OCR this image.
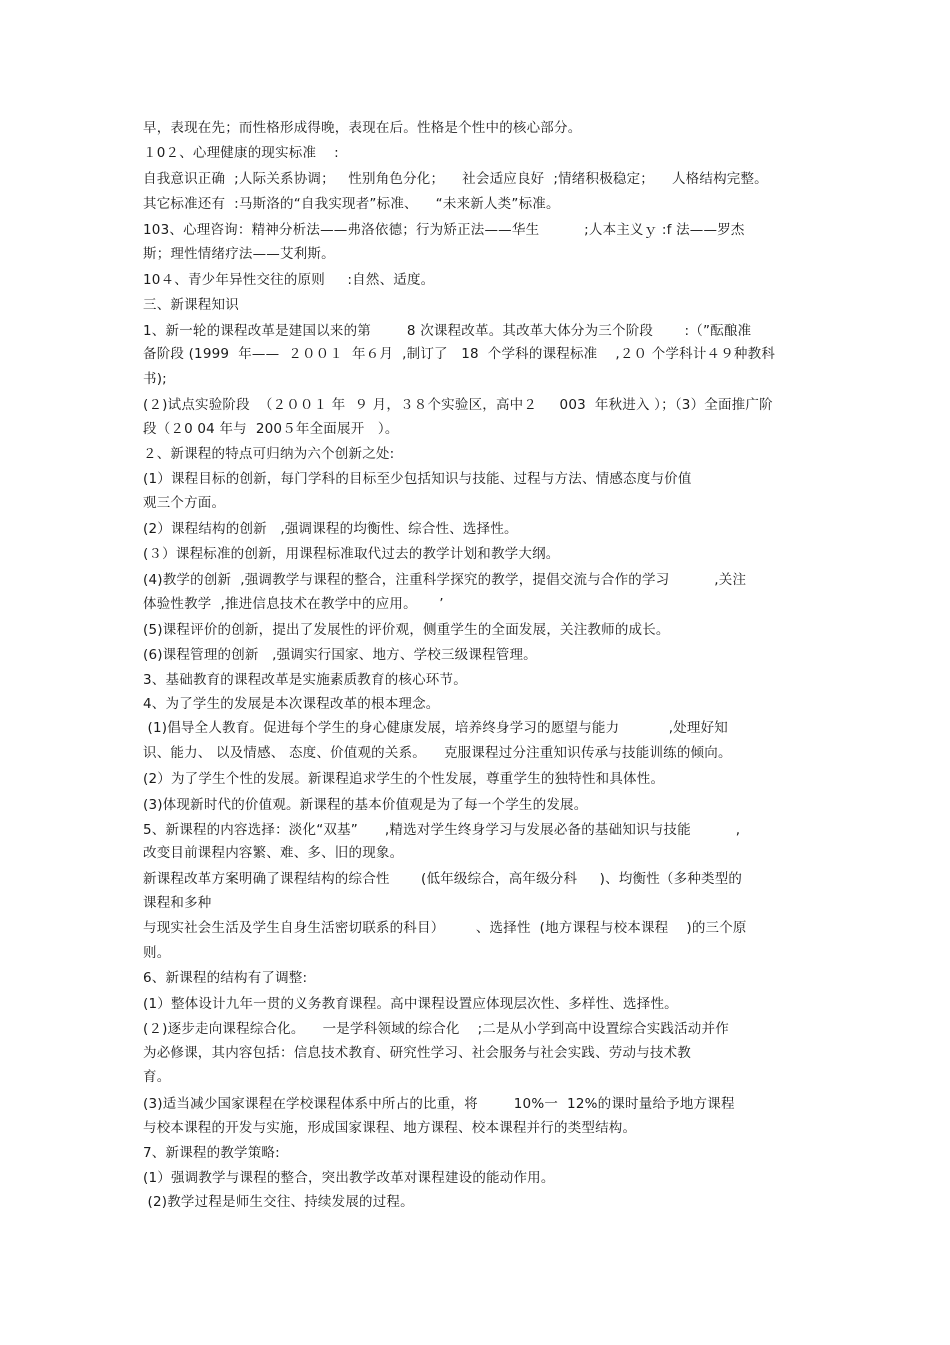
早，表现在先；而性格形成得晚，表现在后。性格是个性中的核心部分。
１0２、心理健康的现实标准    :
自我意识正确  ;人际关系协调；   性别角色分化；    社会适应良好  ;情绪积极稳定；    人格结构完整。
其它标准还有  :马斯洛的“自我实现者”标准、    “未来新人类”标准。
103、心理咨询：精神分析法——弗洛依德；行为矫正法——华生          ;人本主义ｙ :f 法——罗杰
斯；理性情绪疗法——艾利斯。
10４、青少年异性交往的原则     :自然、适度。
三、新课程知识
1、新一轮的课程改革是建国以来的第        8 次课程改革。其改革大体分为三个阶段       :（”酝酿准
备阶段 (1999  年——  ２００１  年６月  ,制订了   18  个学科的课程标准    ,２０ 个学科计４９种教科
书);
(２)试点实验阶段  （２００１ 年  ９ 月，３８个实验区，高中２     003  年秋进入 ）；（3）全面推广阶
段（２0 04 年与  200５年全面展开   ）。
２、新课程的特点可归纳为六个创新之处:
(1）课程目标的创新，每门学科的目标至少包括知识与技能、过程与方法、情感态度与价值
观三个方面。
(2）课程结构的创新   ,强调课程的均衡性、综合性、选择性。
(３）课程标准的创新，用课程标准取代过去的教学计划和教学大纲。
(4)教学的创新  ,强调教学与课程的整合，注重科学探究的教学，提倡交流与合作的学习          ,关注
体验性教学  ,推进信息技术在教学中的应用。     ’
(5)课程评价的创新，提出了发展性的评价观，侧重学生的全面发展，关注教师的成长。
(6)课程管理的创新   ,强调实行国家、地方、学校三级课程管理。
3、基础教育的课程改革是实施素质教育的核心环节。
4、为了学生的发展是本次课程改革的根本理念。
(1)倡导全人教育。促进每个学生的身心健康发展，培养终身学习的愿望与能力           ,处理好知
识、能力、 以及情感、 态度、价值观的关系。    克服课程过分注重知识传承与技能训练的倾向。
(2）为了学生个性的发展。新课程追求学生的个性发展，尊重学生的独特性和具体性。
(3)体现新时代的价值观。新课程的基本价值观是为了每一个学生的发展。
5、新课程的内容选择：淡化“双基”      ,精选对学生终身学习与发展必备的基础知识与技能          ,
改变目前课程内容繁、难、多、旧的现象。
新课程改革方案明确了课程结构的综合性       (低年级综合，高年级分科     )、均衡性（多种类型的
课程和多种
与现实社会生活及学生自身生活密切联系的科目）       、选择性  (地方课程与校本课程    )的三个原
则。
6、新课程的结构有了调整:
(1）整体设计九年一贯的义务教育课程。高中课程设置应体现层次性、多样性、选择性。
(２)逐步走向课程综合化。    一是学科领域的综合化    ;二是从小学到高中设置综合实践活动并作
为必修课，其内容包括：信息技术教育、研究性学习、社会服务与社会实践、劳动与技术教
育。
(3)适当减少国家课程在学校课程体系中所占的比重，将        10%一  12%的课时量给予地方课程
与校本课程的开发与实施，形成国家课程、地方课程、校本课程并行的类型结构。
7、新课程的教学策略:
(1）强调教学与课程的整合，突出教学改革对课程建设的能动作用。
(2)教学过程是师生交往、持续发展的过程。
